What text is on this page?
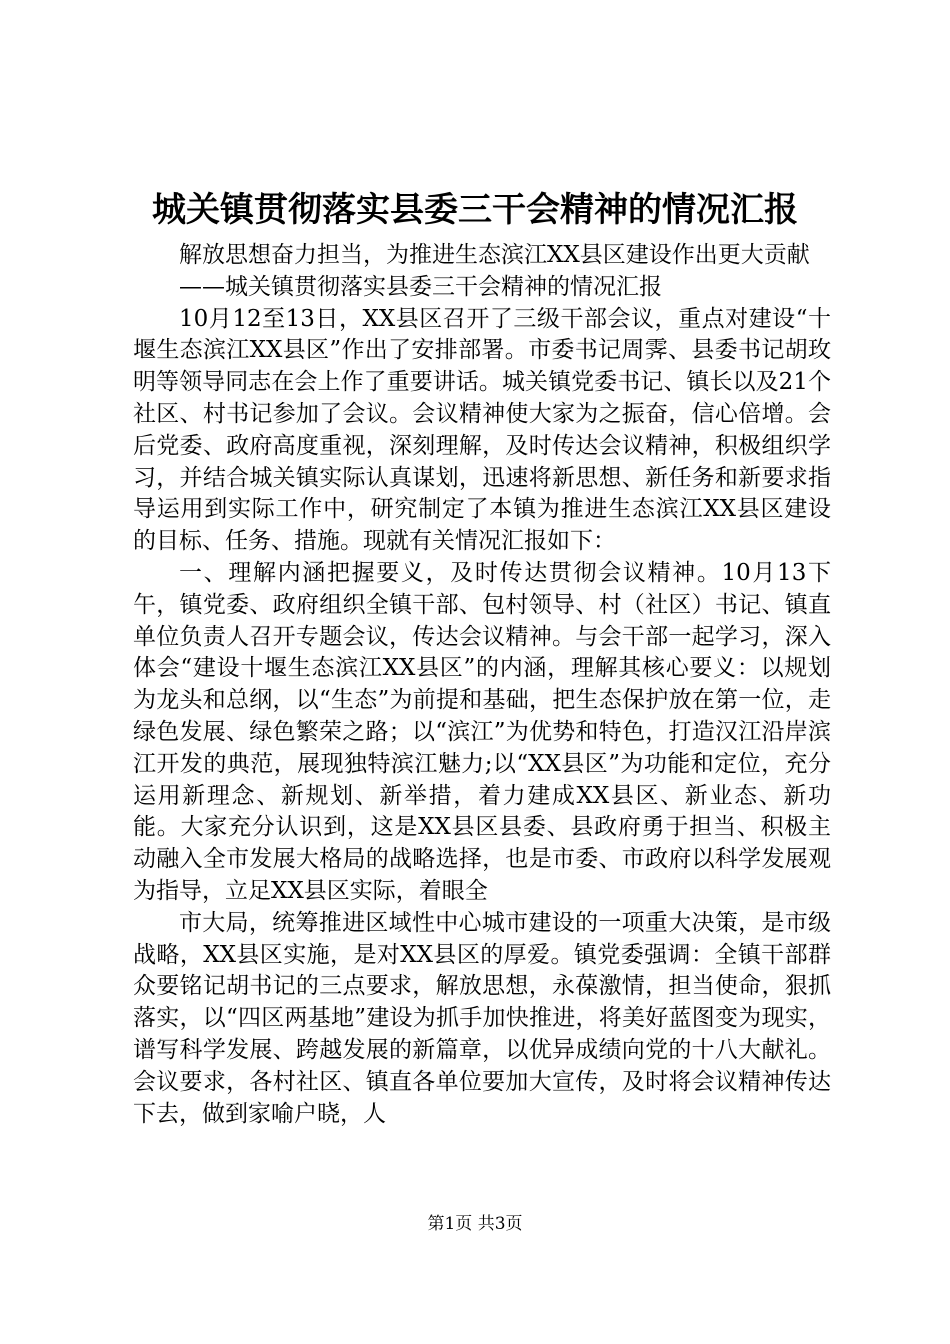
城关镇贯彻落实县委三干会精神的情况汇报

解放思想奋力担当，为推进生态滨江XX县区建设作出更大贡献

——城关镇贯彻落实县委三干会精神的情况汇报

10月12至13日，XX县区召开了三级干部会议，重点对建设“十堰生态滨江XX县区”作出了安排部署。市委书记周霁、县委书记胡玫明等领导同志在会上作了重要讲话。城关镇党委书记、镇长以及21个社区、村书记参加了会议。会议精神使大家为之振奋，信心倍增。会后党委、政府高度重视，深刻理解，及时传达会议精神，积极组织学习，并结合城关镇实际认真谋划，迅速将新思想、新任务和新要求指导运用到实际工作中，研究制定了本镇为推进生态滨江XX县区建设的目标、任务、措施。现就有关情况汇报如下：

一、理解内涵把握要义，及时传达贯彻会议精神。10月13下午，镇党委、政府组织全镇干部、包村领导、村（社区）书记、镇直单位负责人召开专题会议，传达会议精神。与会干部一起学习，深入体会“建设十堰生态滨江XX县区”的内涵，理解其核心要义：以规划为龙头和总纲，以“生态”为前提和基础，把生态保护放在第一位，走绿色发展、绿色繁荣之路；以“滨江”为优势和特色，打造汉江沿岸滨江开发的典范，展现独特滨江魅力;以“XX县区”为功能和定位，充分运用新理念、新规划、新举措，着力建成XX县区、新业态、新功能。大家充分认识到，这是XX县区县委、县政府勇于担当、积极主动融入全市发展大格局的战略选择，也是市委、市政府以科学发展观为指导，立足XX县区实际，着眼全

市大局，统筹推进区域性中心城市建设的一项重大决策，是市级战略，XX县区实施，是对XX县区的厚爱。镇党委强调：全镇干部群众要铭记胡书记的三点要求，解放思想，永葆激情，担当使命，狠抓落实，以“四区两基地”建设为抓手加快推进，将美好蓝图变为现实，谱写科学发展、跨越发展的新篇章，以优异成绩向党的十八大献礼。会议要求，各村社区、镇直各单位要加大宣传，及时将会议精神传达下去，做到家喻户晓，人

第1页 共3页
